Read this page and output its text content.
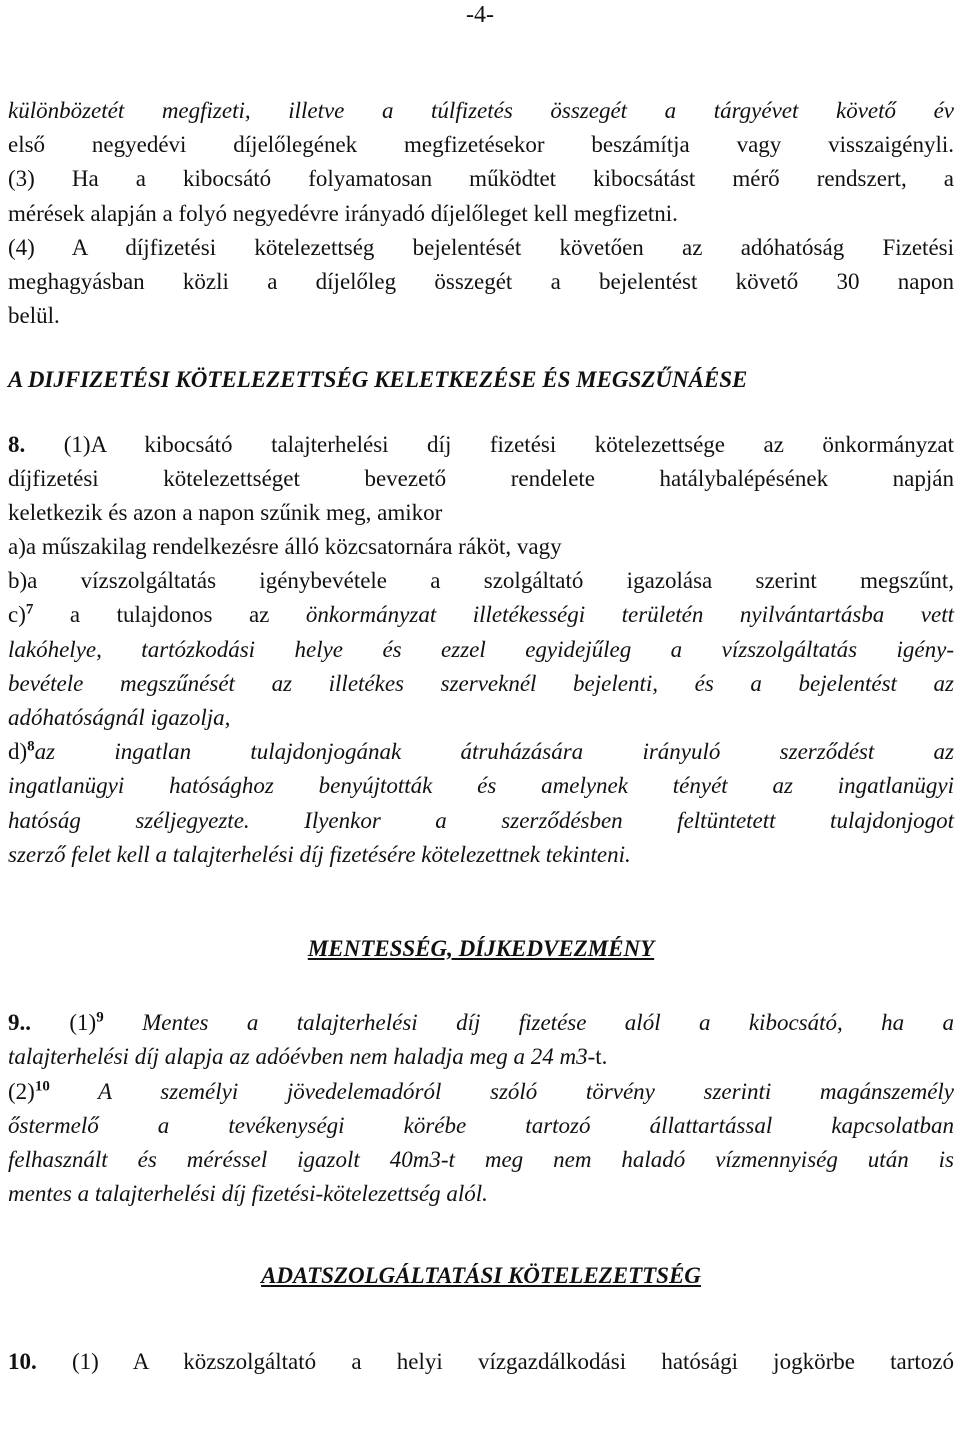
-4-
különbözetét megfizeti, illetve a túlfizetés összegét a tárgyévet követő év
első negyedévi díjelőlegének megfizetésekor beszámítja vagy visszaigényli.
(3) Ha a kibocsátó folyamatosan működtet kibocsátást mérő rendszert, a
mérések alapján a folyó negyedévre irányadó díjelőleget kell megfizetni.
(4) A díjfizetési kötelezettség bejelentését követően az adóhatóság Fizetési
meghagyásban közli a díjelőleg összegét a bejelentést követő 30 napon
belül.
A DIJFIZETÉSI KÖTELEZETTSÉG KELETKEZÉSE ÉS MEGSZŰNÁÉSE
8. (1)A kibocsátó talajterhelési díj fizetési kötelezettsége az önkormányzat
díjfizetési kötelezettséget bevezető rendelete hatálybalépésének napján
keletkezik és azon a napon szűnik meg, amikor
a)a műszakilag rendelkezésre álló közcsatornára ráköt, vagy
b)a vízszolgáltatás igénybevétele a szolgáltató igazolása szerint megszűnt,
c)$^7$ a tulajdonos az önkormányzat illetékességi területén nyilvántartásba vett
lakóhelye, tartózkodási helye és ezzel egyidejűleg a vízszolgáltatás igény-
bevétele megszűnését az illetékes szerveknél bejelenti, és a bejelentést az
adóhatóságnál igazolja,
d)$^8$az ingatlan tulajdonjogának átruházására irányuló szerződést az
ingatlanügyi hatósághoz benyújtották és amelynek tényét az ingatlanügyi
hatóság széljegyezte. Ilyenkor a szerződésben feltüntetett tulajdonjogot
szerző felet kell a talajterhelési díj fizetésére kötelezettnek tekinteni.
MENTESSÉG, DÍJKEDVEZMÉNY
9.. $(1)^9$ Mentes a talajterhelési díj fizetése alól a kibocsátó, ha a
talajterhelési díj alapja az adóévben nem haladja meg a 24 m3-t.
$(2)^{10}$ A személyi jövedelemadóról szóló törvény szerinti magánszemély
őstermelő a tevékenységi körébe tartozó állattartással kapcsolatban
felhasznált és méréssel igazolt 40m3-t meg nem haladó vízmennyiség után is
mentes a talajterhelési díj fizetési-kötelezettség alól.
ADATSZOLGÁLTATÁSI KÖTELEZETTSÉG
10. (1) A közszolgáltató a helyi vízgazdálkodási hatósági jogkörbe tartozó
